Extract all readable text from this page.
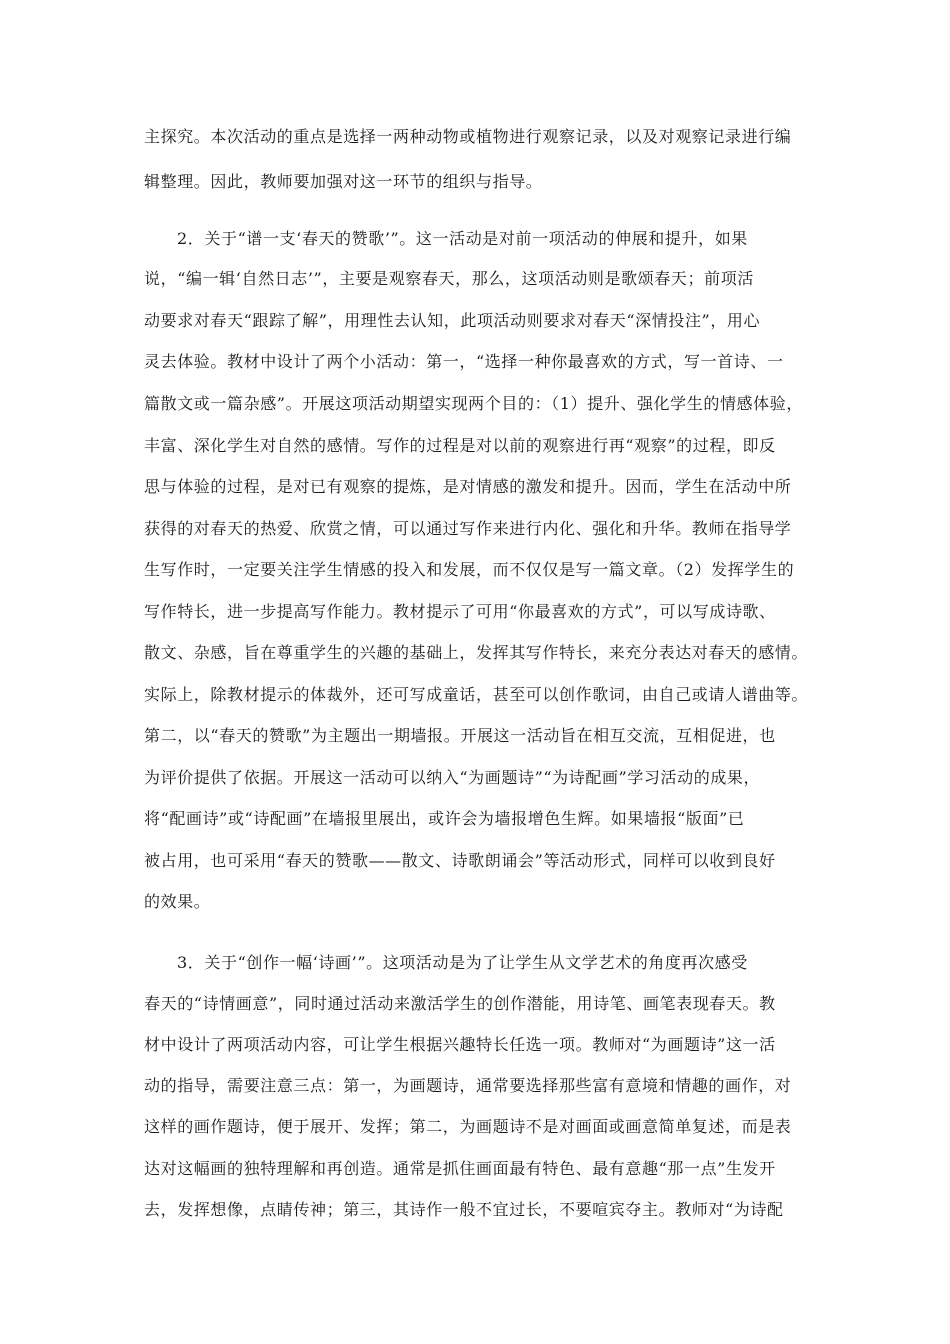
主探究。本次活动的重点是选择一两种动物或植物进行观察记录，以及对观察记录进行编
辑整理。因此，教师要加强对这一环节的组织与指导。
2．关于“谱一支‘春天的赞歌’”。这一活动是对前一项活动的伸展和提升，如果
说，“编一辑‘自然日志’”，主要是观察春天，那么，这项活动则是歌颂春天；前项活
动要求对春天“跟踪了解”，用理性去认知，此项活动则要求对春天“深情投注”，用心
灵去体验。教材中设计了两个小活动：第一，“选择一种你最喜欢的方式，写一首诗、一
篇散文或一篇杂感”。开展这项活动期望实现两个目的：（1）提升、强化学生的情感体验，
丰富、深化学生对自然的感情。写作的过程是对以前的观察进行再“观察”的过程，即反
思与体验的过程，是对已有观察的提炼，是对情感的激发和提升。因而，学生在活动中所
获得的对春天的热爱、欣赏之情，可以通过写作来进行内化、强化和升华。教师在指导学
生写作时，一定要关注学生情感的投入和发展，而不仅仅是写一篇文章。（2）发挥学生的
写作特长，进一步提高写作能力。教材提示了可用“你最喜欢的方式”，可以写成诗歌、
散文、杂感，旨在尊重学生的兴趣的基础上，发挥其写作特长，来充分表达对春天的感情。
实际上，除教材提示的体裁外，还可写成童话，甚至可以创作歌词，由自己或请人谱曲等。
第二，以“春天的赞歌”为主题出一期墙报。开展这一活动旨在相互交流，互相促进，也
为评价提供了依据。开展这一活动可以纳入“为画题诗”“为诗配画”学习活动的成果，
将“配画诗”或“诗配画”在墙报里展出，或许会为墙报增色生辉。如果墙报“版面”已
被占用，也可采用“春天的赞歌——散文、诗歌朗诵会”等活动形式，同样可以收到良好
的效果。
3．关于“创作一幅‘诗画’”。这项活动是为了让学生从文学艺术的角度再次感受
春天的“诗情画意”，同时通过活动来激活学生的创作潜能，用诗笔、画笔表现春天。教
材中设计了两项活动内容，可让学生根据兴趣特长任选一项。教师对“为画题诗”这一活
动的指导，需要注意三点：第一，为画题诗，通常要选择那些富有意境和情趣的画作，对
这样的画作题诗，便于展开、发挥；第二，为画题诗不是对画面或画意简单复述，而是表
达对这幅画的独特理解和再创造。通常是抓住画面最有特色、最有意趣“那一点”生发开
去，发挥想像，点睛传神；第三，其诗作一般不宜过长，不要喧宾夺主。教师对“为诗配
